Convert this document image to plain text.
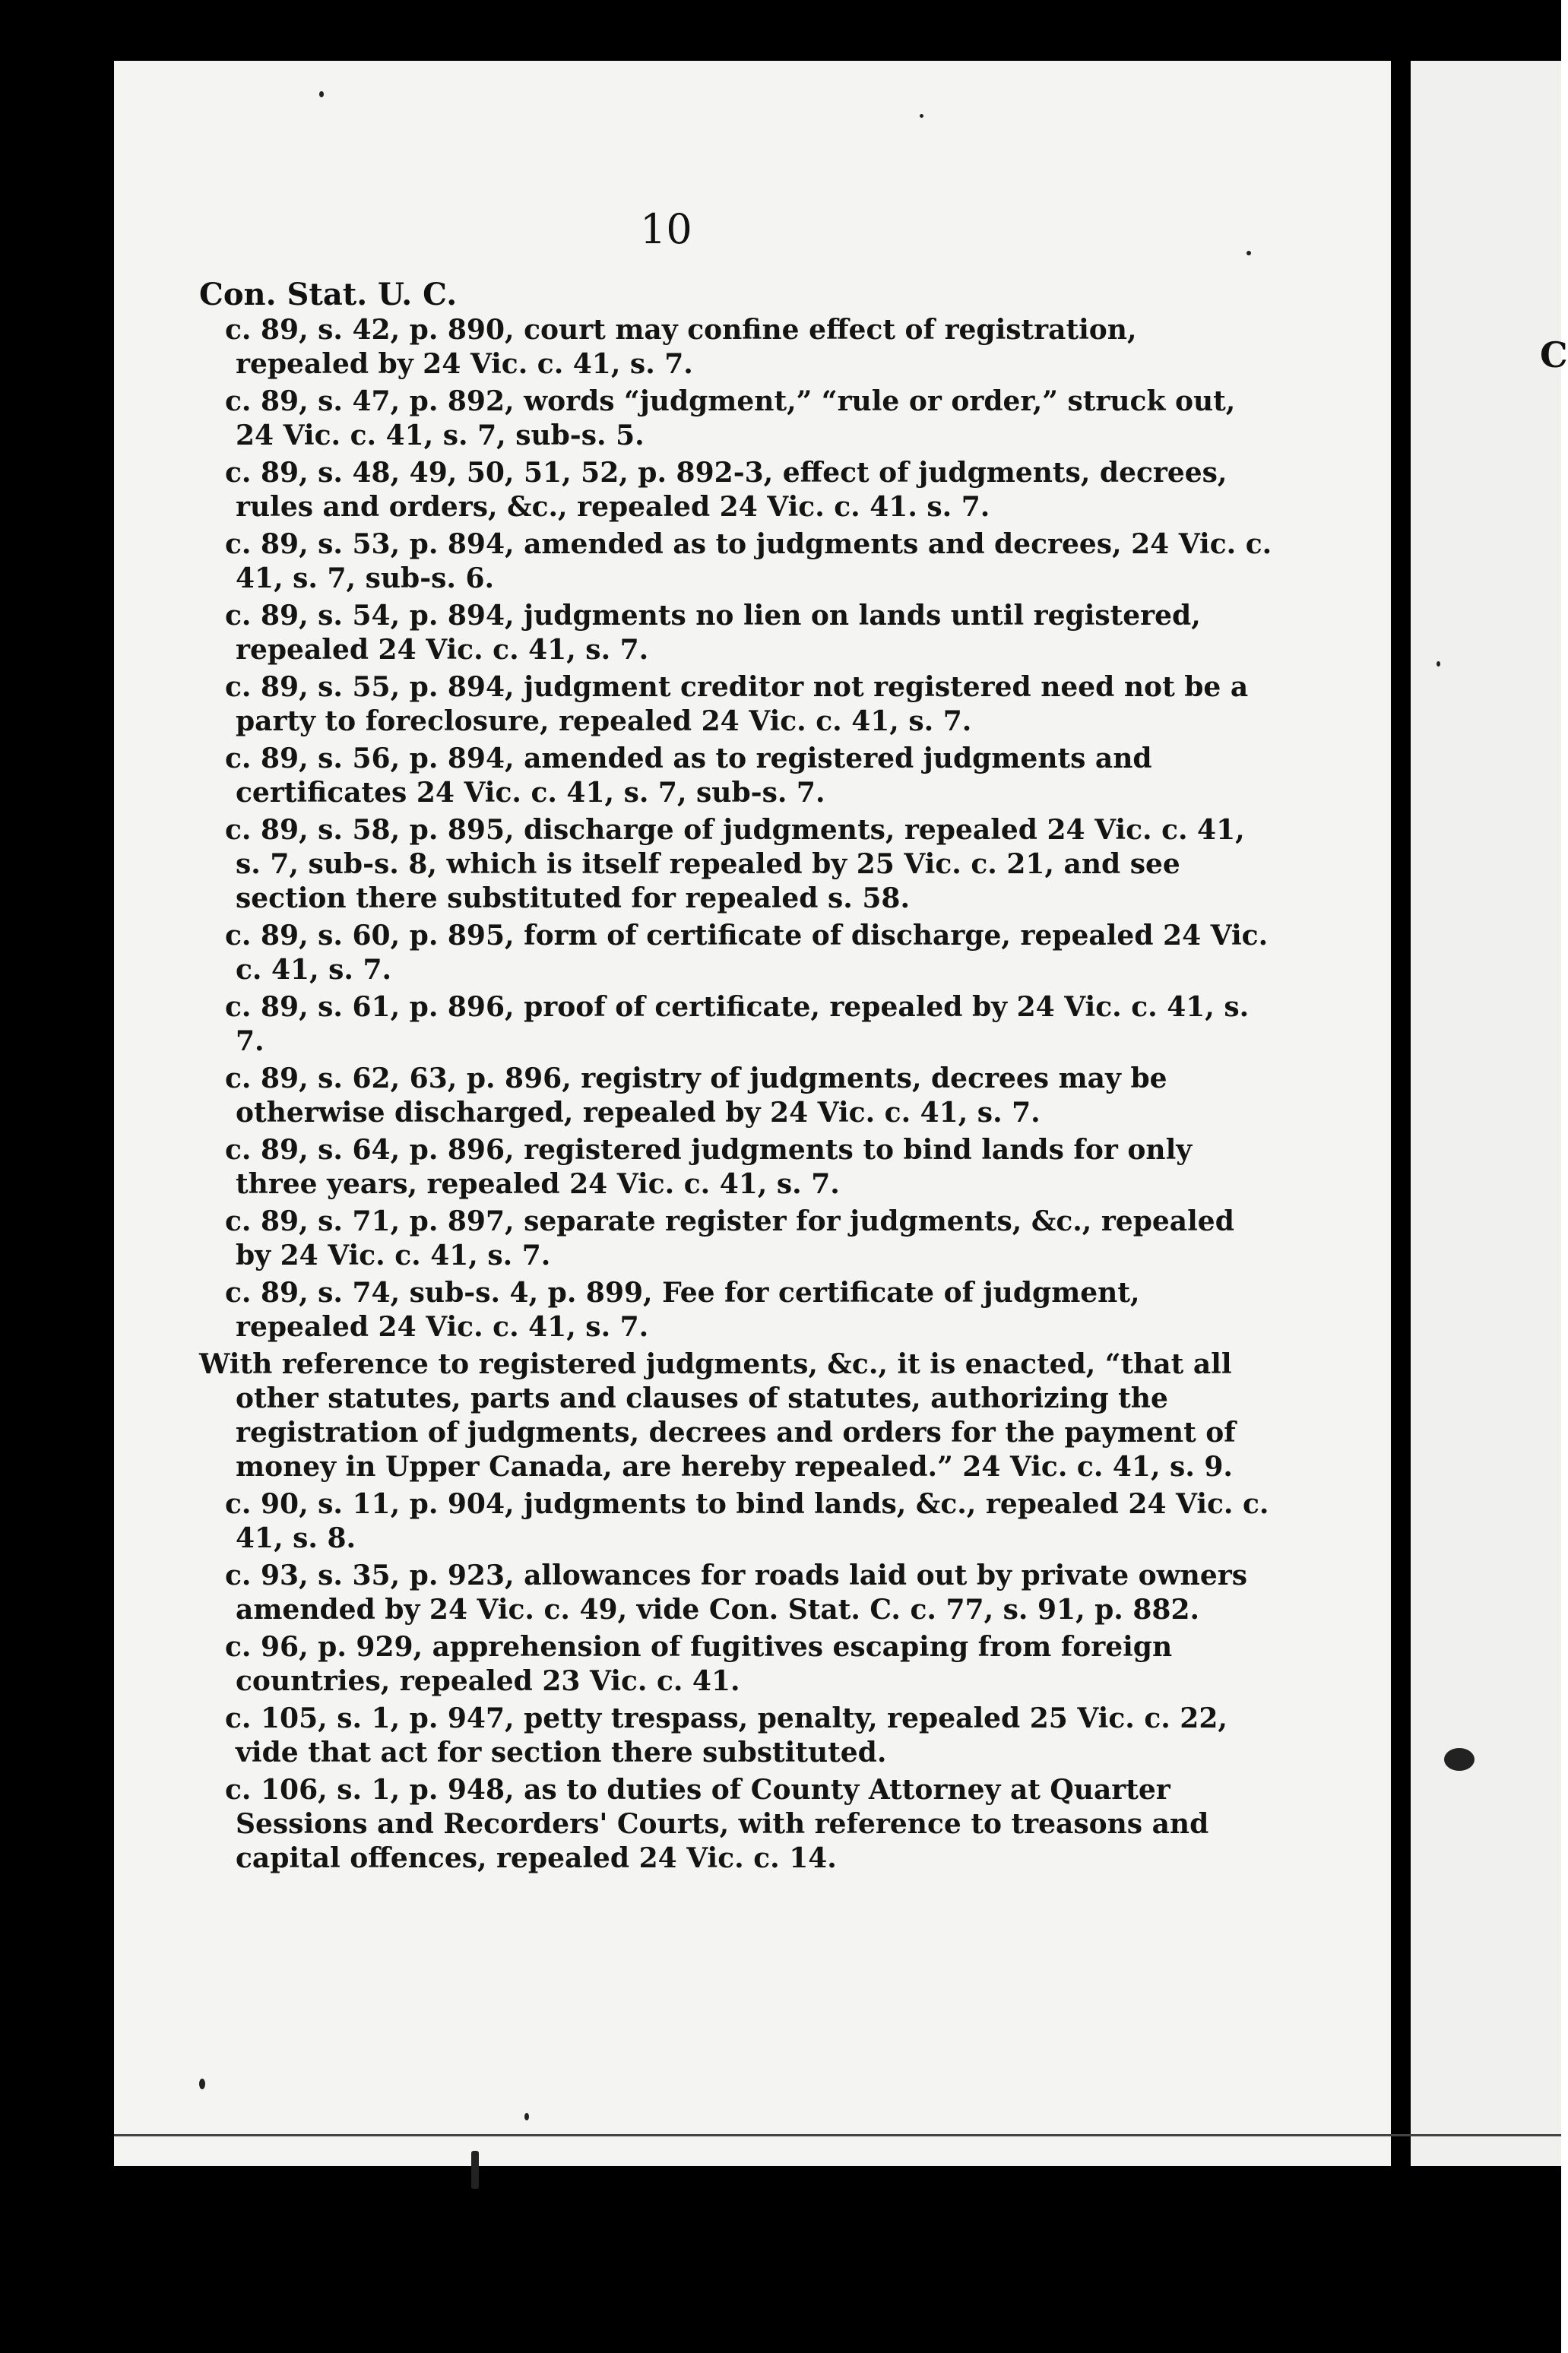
C
10
Con. Stat. U. C.

c. 89, s. 42, p. 890, court may confine effect of registration, repealed by 24 Vic. c. 41, s. 7.

c. 89, s. 47, p. 892, words “judgment,” “rule or order,” struck out, 24 Vic. c. 41, s. 7, sub-s. 5.

c. 89, s. 48, 49, 50, 51, 52, p. 892-3, effect of judgments, decrees, rules and orders, &c., repealed 24 Vic. c. 41. s. 7.

c. 89, s. 53, p. 894, amended as to judgments and decrees, 24 Vic. c. 41, s. 7, sub-s. 6.

c. 89, s. 54, p. 894, judgments no lien on lands until registered, repealed 24 Vic. c. 41, s. 7.

c. 89, s. 55, p. 894, judgment creditor not registered need not be a party to foreclosure, repealed 24 Vic. c. 41, s. 7.

c. 89, s. 56, p. 894, amended as to registered judgments and certificates 24 Vic. c. 41, s. 7, sub-s. 7.

c. 89, s. 58, p. 895, discharge of judgments, repealed 24 Vic. c. 41, s. 7, sub-s. 8, which is itself repealed by 25 Vic. c. 21, and see section there substituted for repealed s. 58.

c. 89, s. 60, p. 895, form of certificate of discharge, repealed 24 Vic. c. 41, s. 7.

c. 89, s. 61, p. 896, proof of certificate, repealed by 24 Vic. c. 41, s. 7.

c. 89, s. 62, 63, p. 896, registry of judgments, decrees may be otherwise discharged, repealed by 24 Vic. c. 41, s. 7.

c. 89, s. 64, p. 896, registered judgments to bind lands for only three years, repealed 24 Vic. c. 41, s. 7.

c. 89, s. 71, p. 897, separate register for judgments, &c., repealed by 24 Vic. c. 41, s. 7.

c. 89, s. 74, sub-s. 4, p. 899, Fee for certificate of judgment, repealed 24 Vic. c. 41, s. 7.

With reference to registered judgments, &c., it is enacted, “that all other statutes, parts and clauses of statutes, authorizing the registration of judgments, decrees and orders for the payment of money in Upper Canada, are hereby repealed.” 24 Vic. c. 41, s. 9.

c. 90, s. 11, p. 904, judgments to bind lands, &c., repealed 24 Vic. c. 41, s. 8.

c. 93, s. 35, p. 923, allowances for roads laid out by private owners amended by 24 Vic. c. 49, vide Con. Stat. C. c. 77, s. 91, p. 882.

c. 96, p. 929, apprehension of fugitives escaping from foreign countries, repealed 23 Vic. c. 41.

c. 105, s. 1, p. 947, petty trespass, penalty, repealed 25 Vic. c. 22, vide that act for section there substituted.

c. 106, s. 1, p. 948, as to duties of County Attorney at Quarter Sessions and Recorders' Courts, with reference to treasons and capital offences, repealed 24 Vic. c. 14.
